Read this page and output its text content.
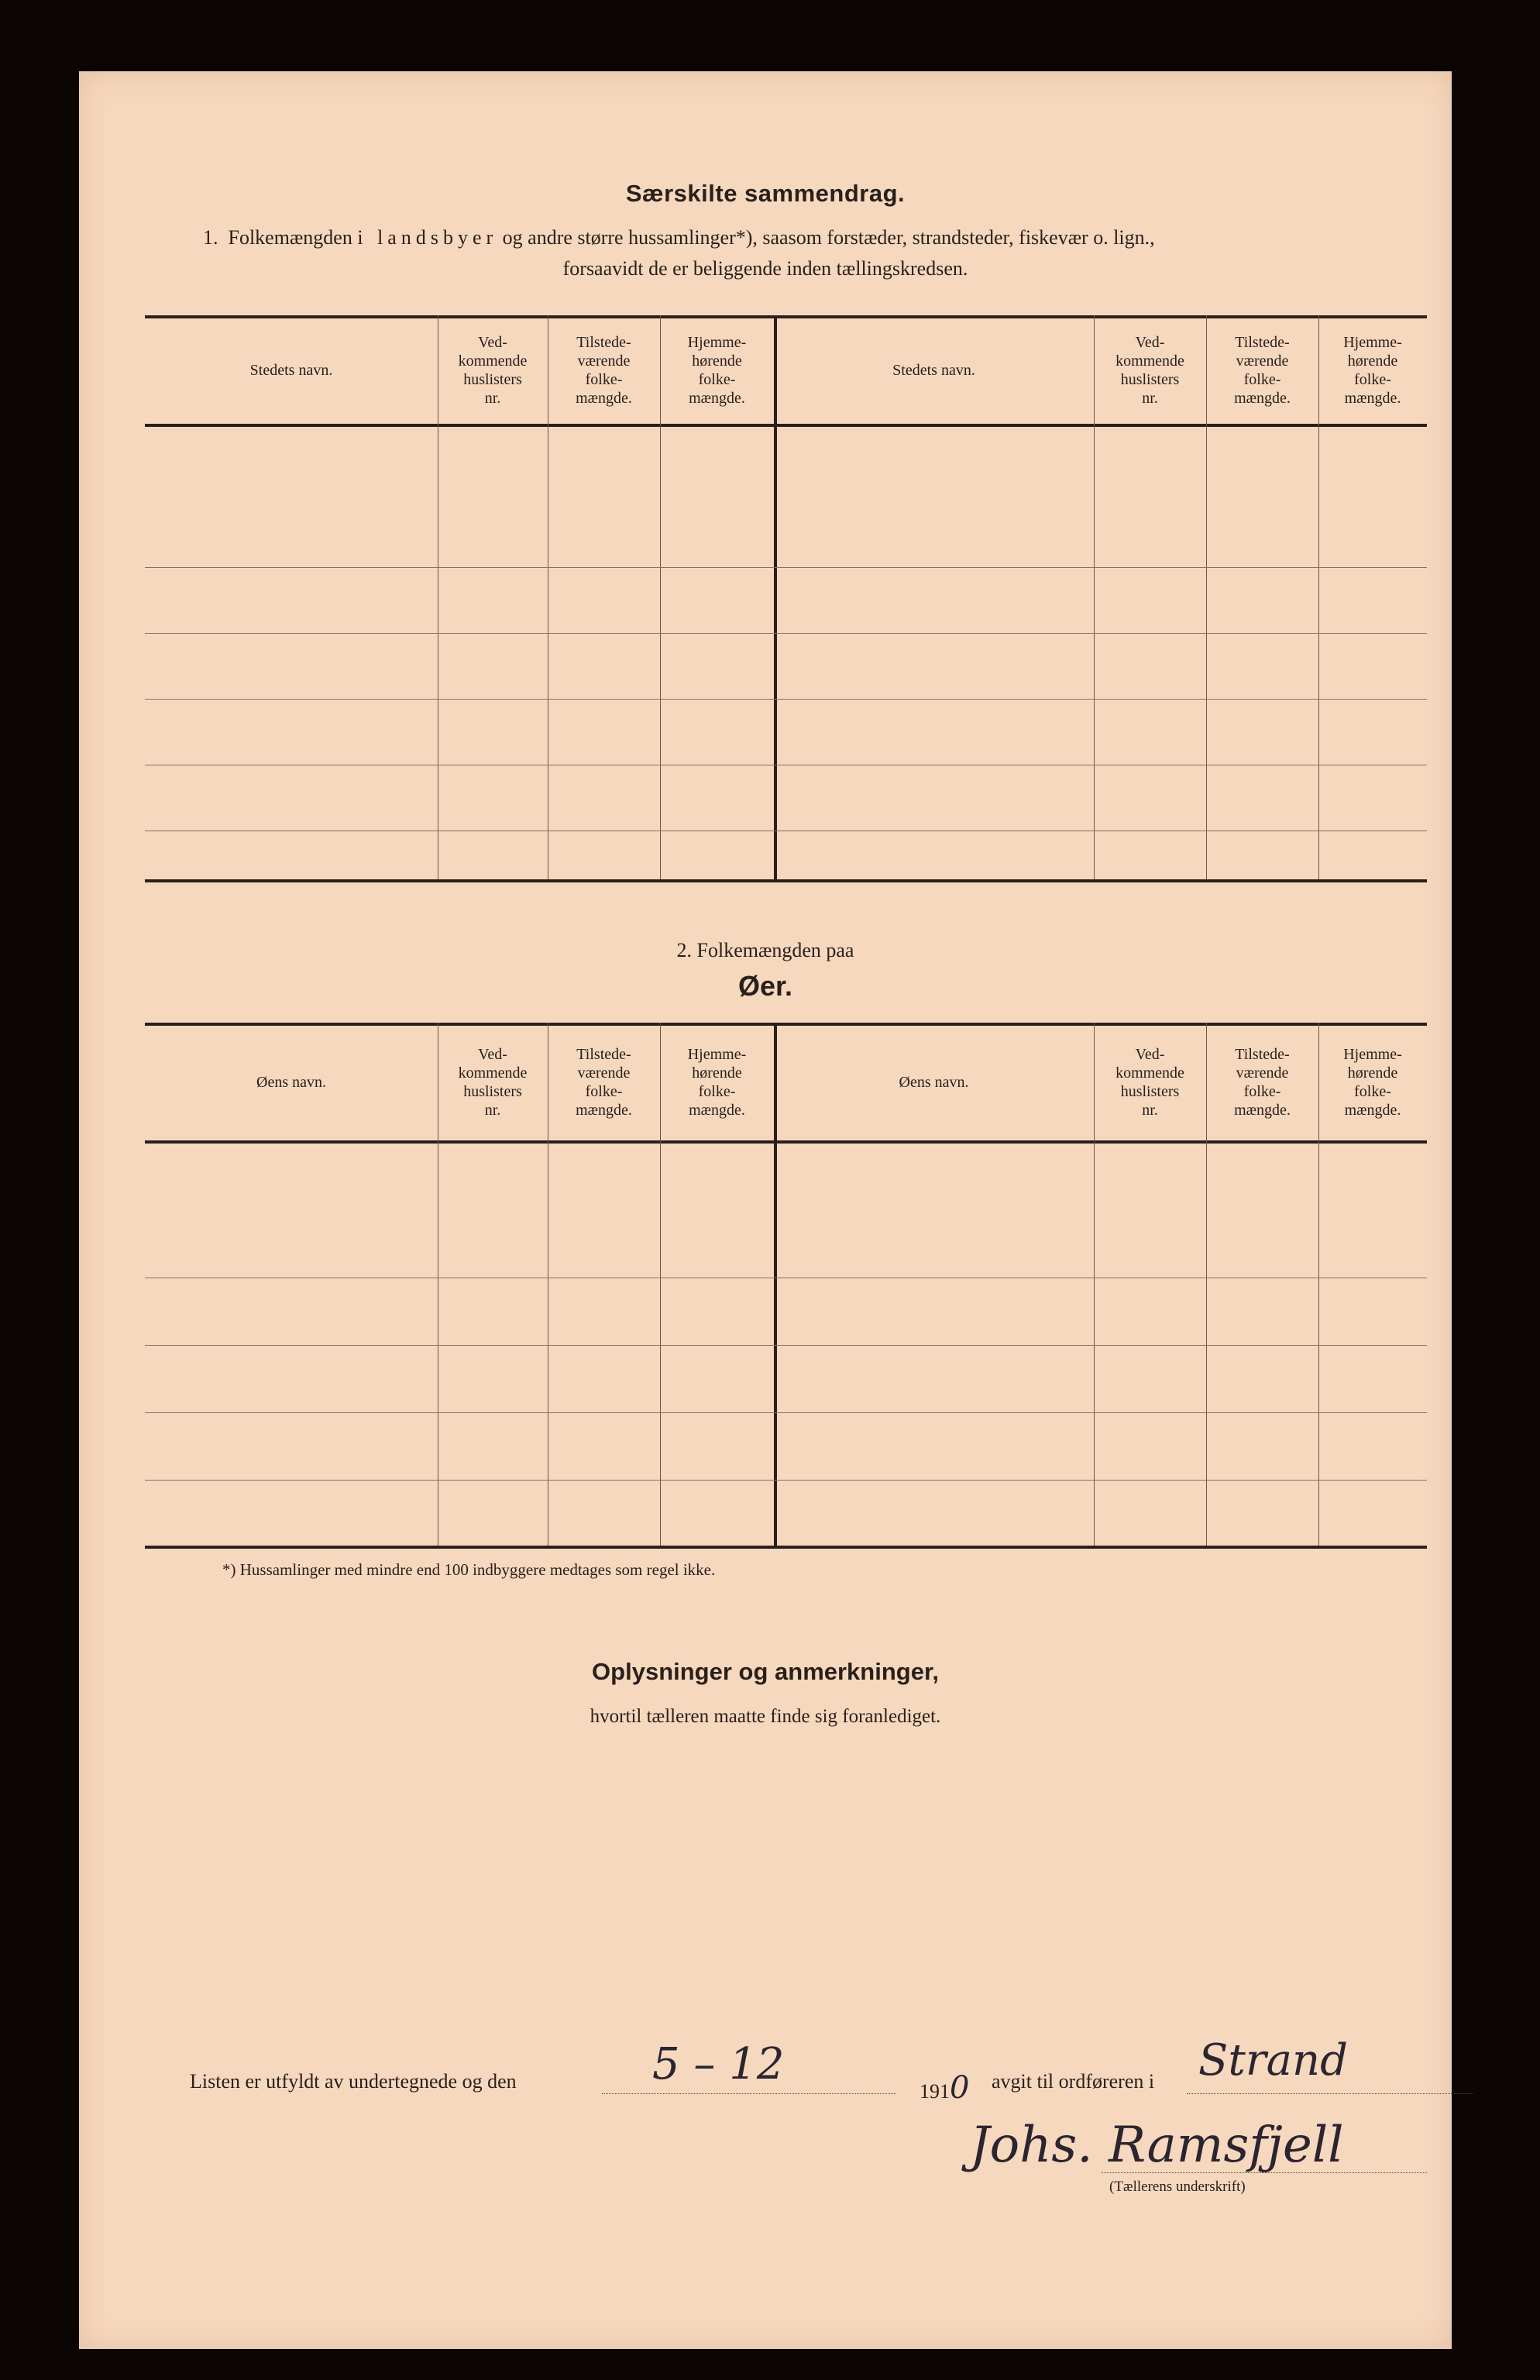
Særskilte sammendrag.
1. Folkemængden i landsbyer og andre større hussamlinger*), saasom forstæder, strandsteder, fiskevær o. lign.,
forsaavidt de er beliggende inden tællingskredsen.
Stedets navn.
Ved-
kommende
huslisters
nr.
Tilstede-
værende
folke-
mængde.
Hjemme-
hørende
folke-
mængde.
Stedets navn.
Ved-
kommende
huslisters
nr.
Tilstede-
værende
folke-
mængde.
Hjemme-
hørende
folke-
mængde.
2. Folkemængden paa
Øer.
Øens navn.
Ved-
kommende
huslisters
nr.
Tilstede-
værende
folke-
mængde.
Hjemme-
hørende
folke-
mængde.
Øens navn.
Ved-
kommende
huslisters
nr.
Tilstede-
værende
folke-
mængde.
Hjemme-
hørende
folke-
mængde.
*) Hussamlinger med mindre end 100 indbyggere medtages som regel ikke.
Oplysninger og anmerkninger,
hvortil tælleren maatte finde sig foranlediget.
Listen er utfyldt av undertegnede og den	5 – 12
1910 avgit til ordføreren i Strand
Johs. Ramsfjell
(Tællerens underskrift)
